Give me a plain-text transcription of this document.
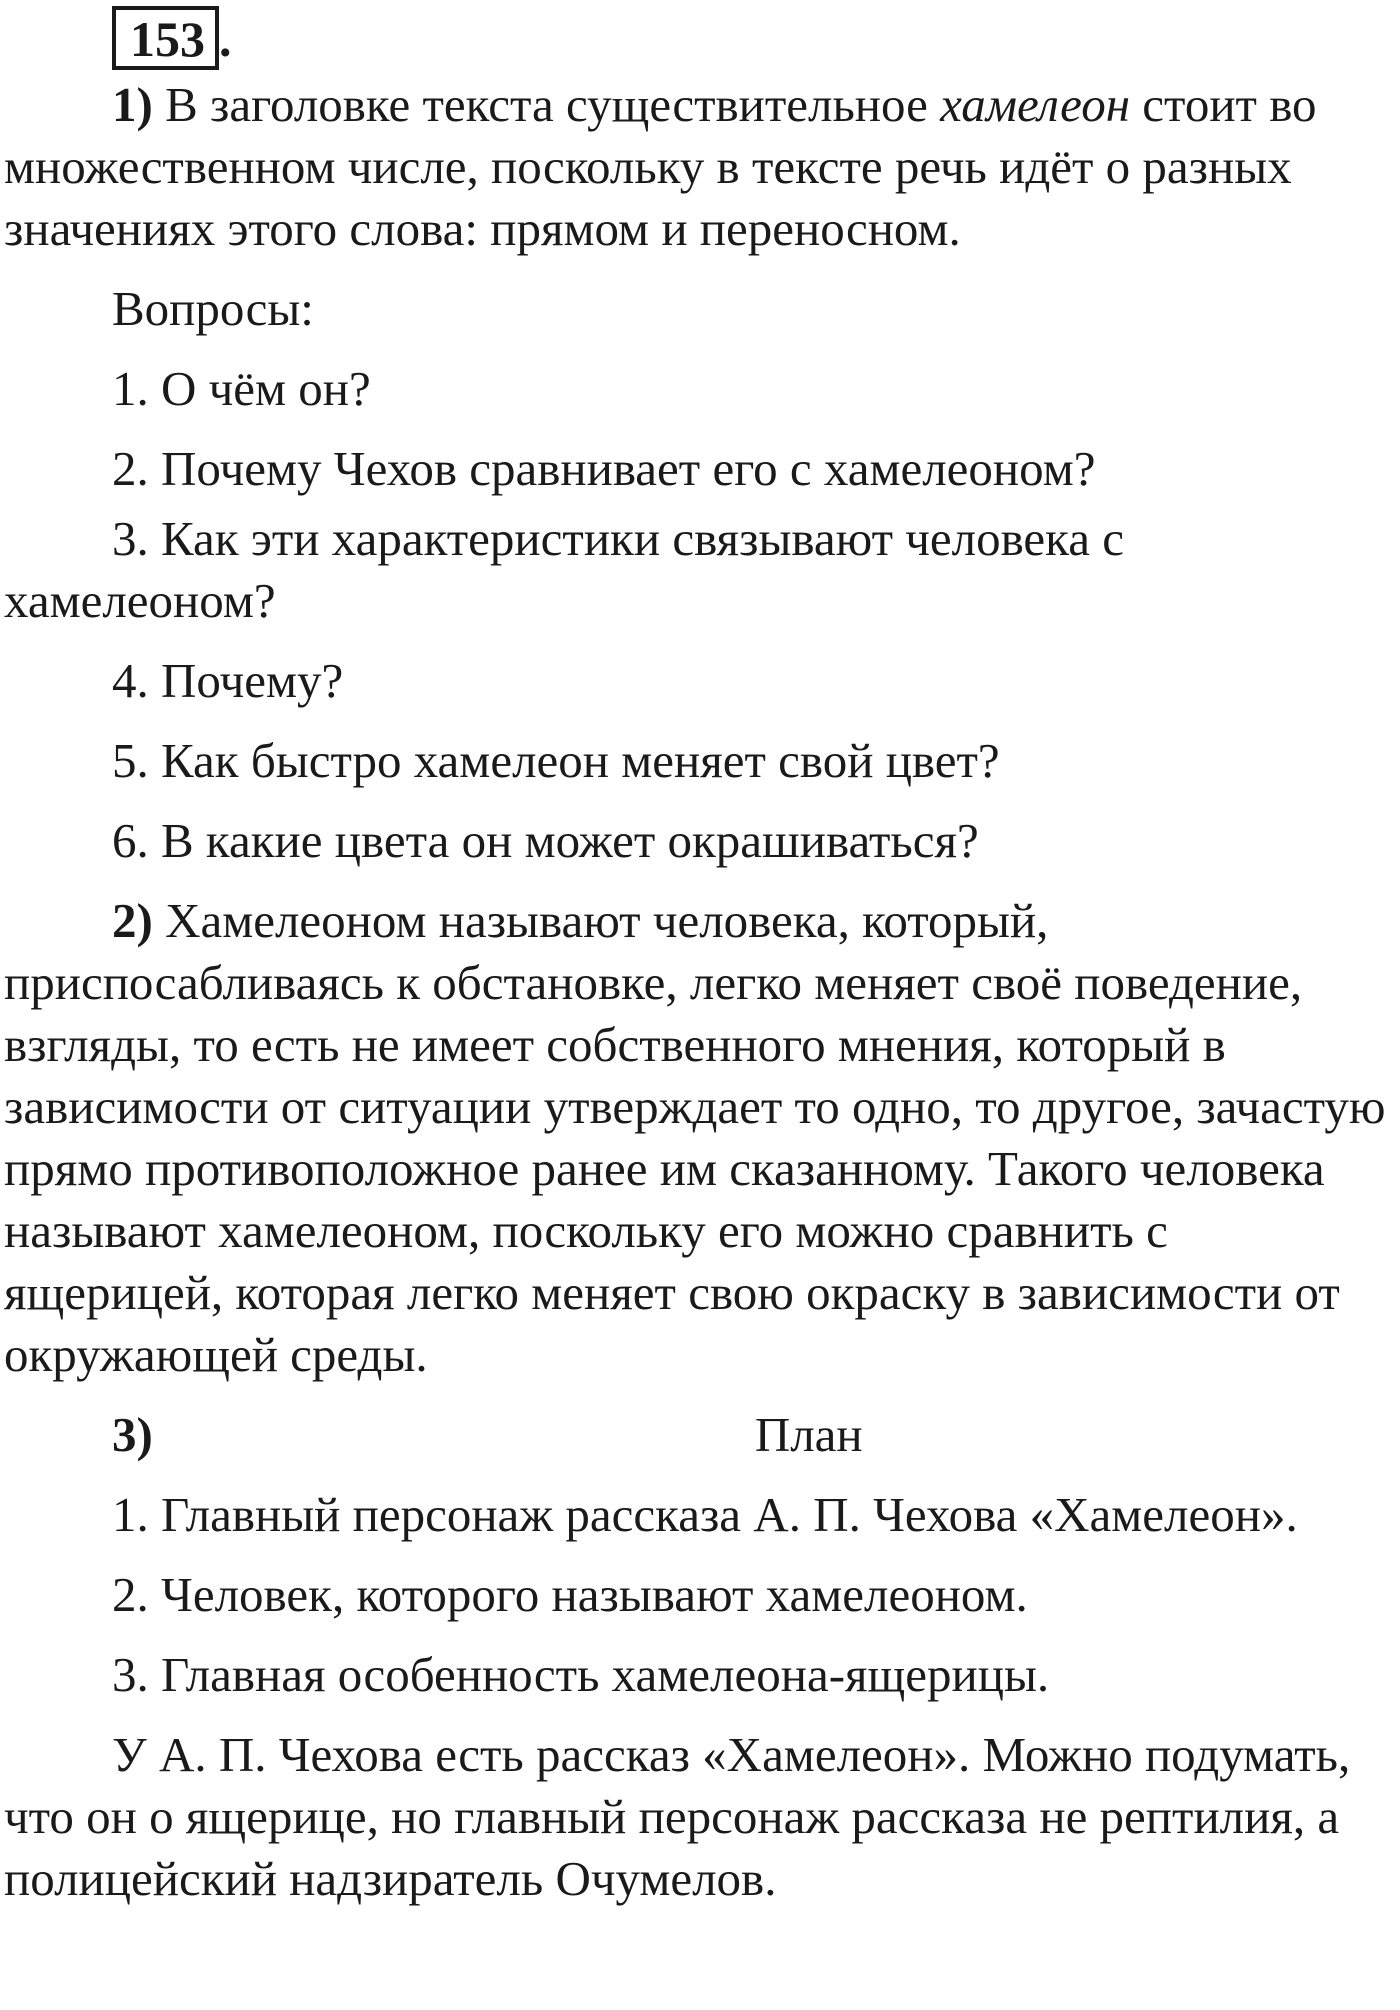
153 .

1) В заголовке текста существительное хамелеон стоит во множественном числе, поскольку в тексте речь идёт о разных значениях этого слова: прямом и переносном.

Вопросы:

1. О чём он?

2. Почему Чехов сравнивает его с хамелеоном?

3. Как эти характеристики связывают человека с хамелеоном?

4. Почему?

5. Как быстро хамелеон меняет свой цвет?

6. В какие цвета он может окрашиваться?

2) Хамелеоном называют человека, который, приспосабливаясь к обстановке, легко меняет своё поведение, взгляды, то есть не имеет собственного мнения, который в зависимости от ситуации утверждает то одно, то другое, зачастую прямо противоположное ранее им сказанному. Такого человека называют хамелеоном, поскольку его можно сравнить с ящерицей, которая легко меняет свою окраску в зависимости от окружающей среды.

3)	План

1. Главный персонаж рассказа А. П. Чехова «Хамелеон».

2. Человек, которого называют хамелеоном.

3. Главная особенность хамелеона-ящерицы.

У А. П. Чехова есть рассказ «Хамелеон». Можно подумать, что он о ящерице, но главный персонаж рассказа не рептилия, а полицейский надзиратель Очумелов.
